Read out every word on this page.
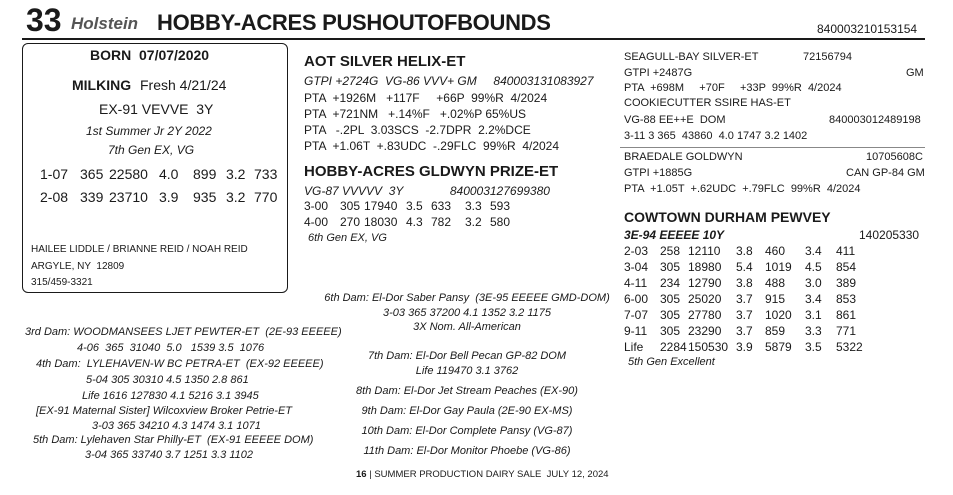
33 Holstein HOBBY-ACRES PUSHOUTOFBOUNDS	840003210153154
BORN  07/07/2020
MILKING Fresh 4/21/24
EX-91 VEVVE  3Y
1st Summer Jr 2Y 2022
7th Gen EX, VG
1-07 365 22580 4.0	899 3.2 733
2-08 339 23710 3.9	935 3.2 770
HAILEE LIDDLE / BRIANNE REID / NOAH REID
ARGYLE, NY  12809
315/459-3321
AOT SILVER HELIX-ET
GTPI +2724G  VG-86 VVV+ GM     840003131083927
PTA  +1926M   +117F     +66P  99%R  4/2024
PTA  +721NM   +.14%F   +.02%P 65%US
PTA   -.2PL  3.03SCS  -2.7DPR  2.2%DCE
PTA  +1.06T  +.83UDC  -.29FLC  99%R  4/2024
HOBBY-ACRES GLDWYN PRIZE-ET
VG-87 VVVVV  3Y              840003127699380
3-00 305 17940 3.5 633	3.3 593
4-00 270 18030 4.3 782	3.2 580
6th Gen EX, VG
SEAGULL-BAY SILVER-ET	72156794
GTPI +2487G	GM
PTA  +698M     +70F     +33P  99%R  4/2024
COOKIECUTTER SSIRE HAS-ET
VG-88 EE++E  DOM	840003012489198
3-11 3 365  43860  4.0 1747 3.2 1402
BRAEDALE GOLDWYN	10705608C
GTPI +1885G	CAN GP-84 GM
PTA  +1.05T  +.62UDC  +.79FLC  99%R  4/2024
COWTOWN DURHAM PEWVEY
3E-94 EEEEE 10Y	140205330
2-03 258 12110	3.8	460	3.4	411
3-04 305 18980	5.4	1019	4.5	854
4-11	234 12790	3.8	488	3.0	389
6-00 305 25020	3.7	915	3.4	853
7-07 305 27780	3.7	1020	3.1	861
9-11	305 23290	3.7	859	3.3	771
Life	2284 150530 3.9	5879	3.5	5322
5th Gen Excellent
3rd Dam: WOODMANSEES LJET PEWTER-ET  (2E-93 EEEEE)
4-06  365  31040  5.0   1539 3.5  1076
4th Dam:  LYLEHAVEN-W BC PETRA-ET  (EX-92 EEEEE)
5-04 305 30310 4.5 1350 2.8 861
Life 1616 127830 4.1 5216 3.1 3945
[EX-91 Maternal Sister] Wilcoxview Broker Petrie-ET
3-03 365 34210 4.3 1474 3.1 1071
5th Dam: Lylehaven Star Philly-ET  (EX-91 EEEEE DOM)
3-04 365 33740 3.7 1251 3.3 1102
6th Dam: El-Dor Saber Pansy  (3E-95 EEEEE GMD-DOM)
3-03 365 37200 4.1 1352 3.2 1175
3X Nom. All-American
7th Dam: El-Dor Bell Pecan GP-82 DOM
Life 119470 3.1 3762
8th Dam: El-Dor Jet Stream Peaches (EX-90)
9th Dam: El-Dor Gay Paula (2E-90 EX-MS)
10th Dam: El-Dor Complete Pansy (VG-87)
11th Dam: El-Dor Monitor Phoebe (VG-86)
16 | SUMMER PRODUCTION DAIRY SALE JULY 12, 2024
